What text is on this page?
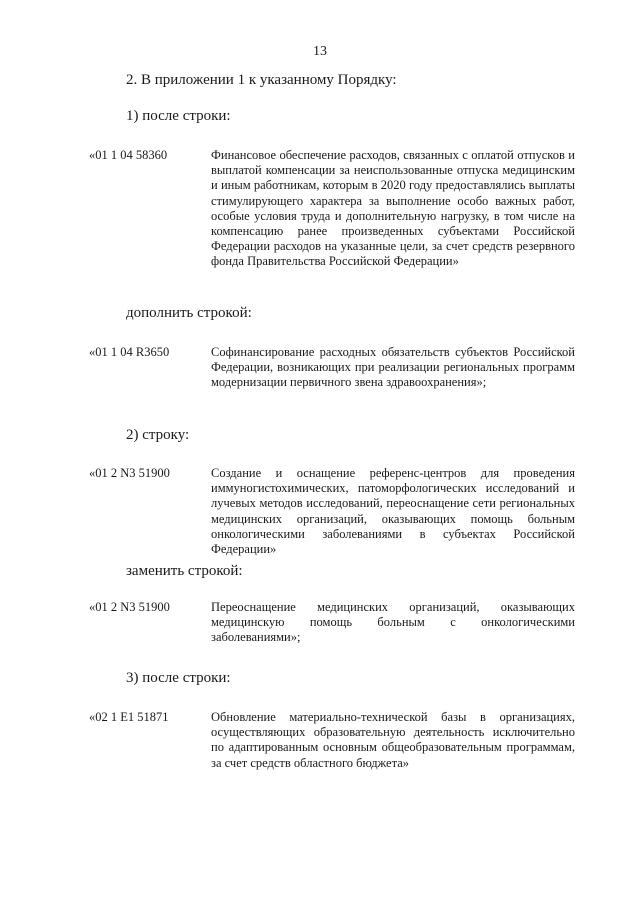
13
2. В приложении 1 к указанному Порядку:
1) после строки:
«01 1 04 58360	Финансовое обеспечение расходов, связанных с оплатой отпусков и выплатой компенсации за неиспользованные отпуска медицинским и иным работникам, которым в 2020 году предоставлялись выплаты стимулирующего характера за выполнение особо важных работ, особые условия труда и дополнительную нагрузку, в том числе на компенсацию ранее произведенных субъектами Российской Федерации расходов на указанные цели, за счет средств резервного фонда Правительства Российской Федерации»
дополнить строкой:
«01 1 04 R3650	Софинансирование расходных обязательств субъектов Российской Федерации, возникающих при реализации региональных программ модернизации первичного звена здравоохранения»;
2) строку:
«01 2 N3 51900	Создание и оснащение референс-центров для проведения иммуногистохимических, патоморфологических исследований и лучевых методов исследований, переоснащение сети региональных медицинских организаций, оказывающих помощь больным онкологическими заболеваниями в субъектах Российской Федерации»
заменить строкой:
«01 2 N3 51900	Переоснащение медицинских организаций, оказывающих медицинскую помощь больным с онкологическими заболеваниями»;
3) после строки:
«02 1 E1 51871	Обновление материально-технической базы в организациях, осуществляющих образовательную деятельность исключительно по адаптированным основным общеобразовательным программам, за счет средств областного бюджета»
